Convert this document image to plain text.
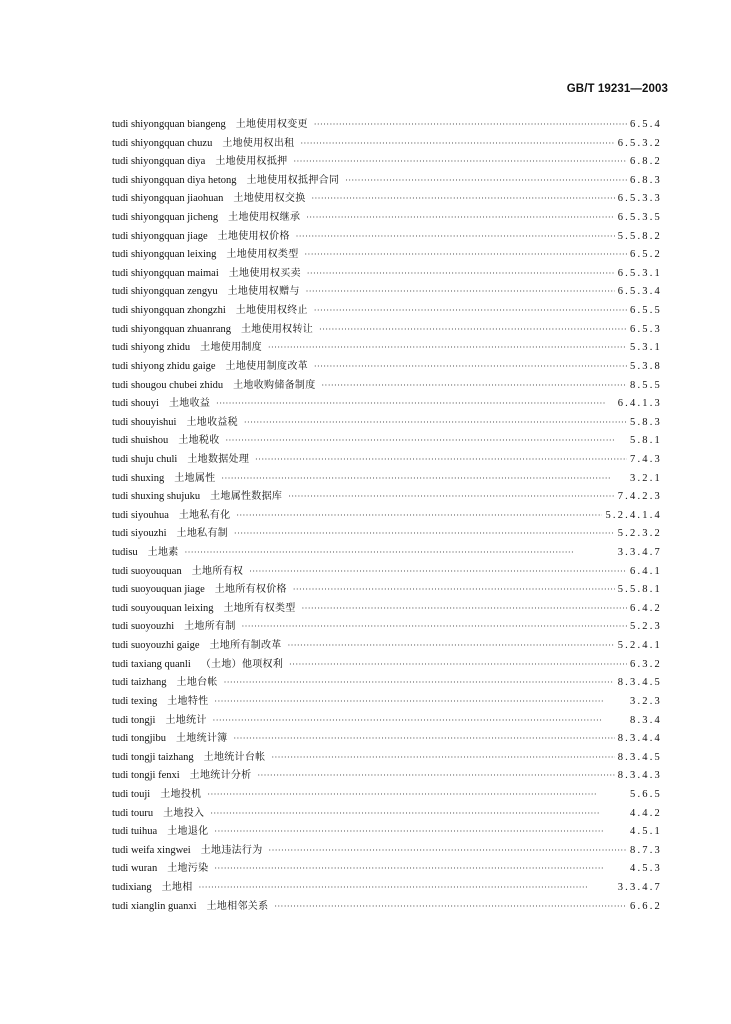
GB/T 19231—2003
tudi shiyongquan biangeng 土地使用权变更 ·····	6.5.4
tudi shiyongquan chuzu 土地使用权出租 ·····	6.5.3.2
tudi shiyongquan diya 土地使用权抵押 ·····	6.8.2
tudi shiyongquan diya hetong 土地使用权抵押合同 ·····	6.8.3
tudi shiyongquan jiaohuan 土地使用权交换 ·····	6.5.3.3
tudi shiyongquan jicheng 土地使用权继承 ·····	6.5.3.5
tudi shiyongquan jiage 土地使用权价格 ·····	5.5.8.2
tudi shiyongquan leixing 土地使用权类型 ·····	6.5.2
tudi shiyongquan maimai 土地使用权买卖 ·····	6.5.3.1
tudi shiyongquan zengyu 土地使用权赠与 ·····	6.5.3.4
tudi shiyongquan zhongzhi 土地使用权终止 ·····	6.5.5
tudi shiyongquan zhuanrang 土地使用权转让 ·····	6.5.3
tudi shiyong zhidu 土地使用制度 ·····	5.3.1
tudi shiyong zhidu gaige 土地使用制度改革 ·····	5.3.8
tudi shougou chubei zhidu 土地收购储备制度 ·····	8.5.5
tudi shouyi 土地收益 ·····	6.4.1.3
tudi shouyishui 土地收益税 ·····	5.8.3
tudi shuishou 土地税收 ·····	5.8.1
tudi shuju chuli 土地数据处理 ·····	7.4.3
tudi shuxing 土地属性 ·····	3.2.1
tudi shuxing shujuku 土地属性数据库 ·····	7.4.2.3
tudi siyouhua 土地私有化 ·····	5.2.4.1.4
tudi siyouzhi 土地私有制 ·····	5.2.3.2
tudisu 土地素 ·····	3.3.4.7
tudi suoyouquan 土地所有权 ·····	6.4.1
tudi suoyouquan jiage 土地所有权价格 ·····	5.5.8.1
tudi souyouquan leixing 土地所有权类型 ·····	6.4.2
tudi suoyouzhi 土地所有制 ·····	5.2.3
tudi suoyouzhi gaige 土地所有制改革 ·····	5.2.4.1
tudi taxiang quanli （土地）他项权利 ·····	6.3.2
tudi taizhang 土地台帐 ·····	8.3.4.5
tudi texing 土地特性 ·····	3.2.3
tudi tongji 土地统计 ·····	8.3.4
tudi tongjibu 土地统计簿 ·····	8.3.4.4
tudi tongji taizhang 土地统计台帐 ·····	8.3.4.5
tudi tongji fenxi 土地统计分析 ·····	8.3.4.3
tudi touji 土地投机 ·····	5.6.5
tudi touru 土地投入 ·····	4.4.2
tudi tuihua 土地退化 ·····	4.5.1
tudi weifa xingwei 土地违法行为 ·····	8.7.3
tudi wuran 土地污染 ·····	4.5.3
tudixiang 土地相 ·····	3.3.4.7
tudi xianglin guanxi 土地相邻关系 ·····	6.6.2
